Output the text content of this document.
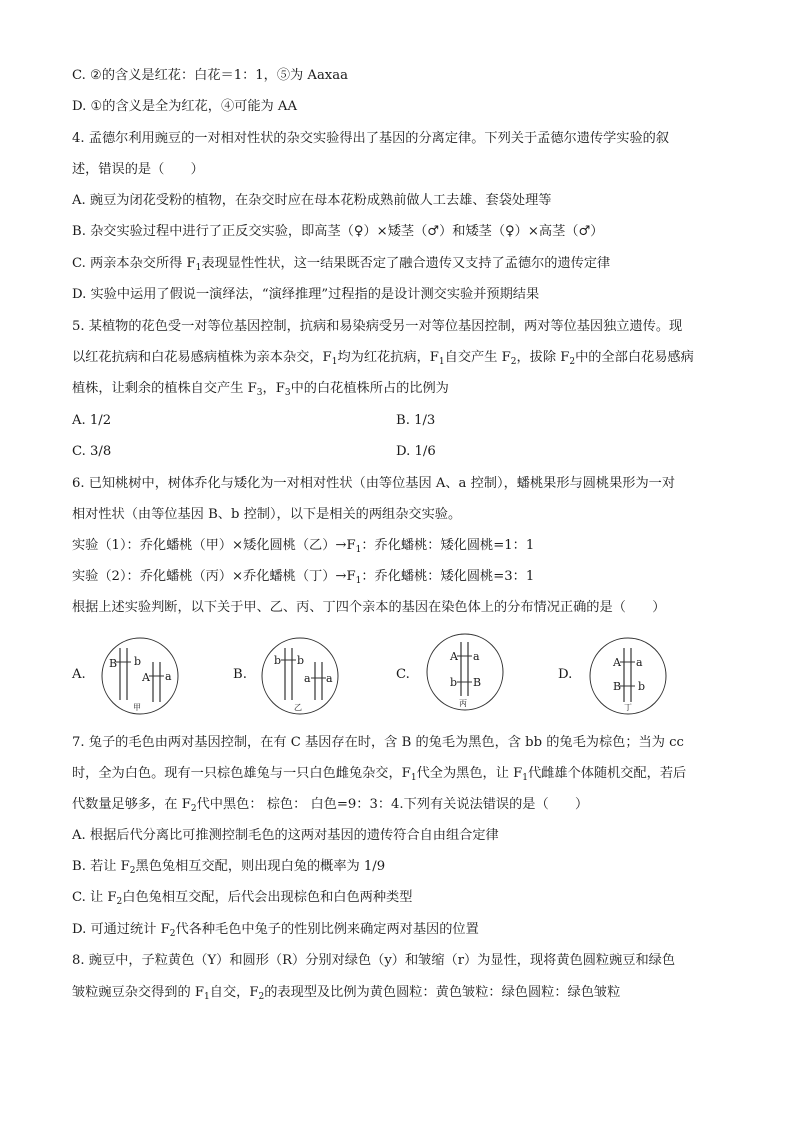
C. ②的含义是红花：白花＝1：1，⑤为 Aaxaa
D. ①的含义是全为红花，④可能为 AA
4. 孟德尔利用豌豆的一对相对性状的杂交实验得出了基因的分离定律。下列关于孟德尔遗传学实验的叙
述，错误的是（　　）
A. 豌豆为闭花受粉的植物，在杂交时应在母本花粉成熟前做人工去雄、套袋处理等
B. 杂交实验过程中进行了正反交实验，即高茎（♀）×矮茎（♂）和矮茎（♀）×高茎（♂）
C. 两亲本杂交所得 $F_1$表现显性性状，这一结果既否定了融合遗传又支持了孟德尔的遗传定律
D. 实验中运用了假说一演绎法，“演绎推理”过程指的是设计测交实验并预期结果
5. 某植物的花色受一对等位基因控制，抗病和易染病受另一对等位基因控制，两对等位基因独立遗传。现
以红花抗病和白花易感病植株为亲本杂交，$F_1$均为红花抗病，$F_1$自交产生 $F_2$，拔除 $F_2$中的全部白花易感病
植株，让剩余的植株自交产生 $F_3$，$F_3$中的白花植株所占的比例为
A. 1/2	B. 1/3
C. 3/8	D. 1/6
6. 已知桃树中，树体乔化与矮化为一对相对性状（由等位基因 A、a 控制），蟠桃果形与圆桃果形为一对
相对性状（由等位基因 B、b 控制），以下是相关的两组杂交实验。
实验（1）：乔化蟠桃（甲）×矮化圆桃（乙）$\to F_1$：乔化蟠桃：矮化圆桃=1：1
实验（2）：乔化蟠桃（丙）×乔化蟠桃（丁）$\to F_1$：乔化蟠桃：矮化圆桃=3：1
根据上述实验判断，以下关于甲、乙、丙、丁四个亲本的基因在染色体上的分布情况正确的是（　　）
A.	B.	C.	D.
B b
A a
甲
b b
a a
乙
A a
b B
丙
A a
B b
丁
7. 兔子的毛色由两对基因控制，在有 C 基因存在时，含 B 的兔毛为黑色，含 bb 的兔毛为棕色；当为 cc
时，全为白色。现有一只棕色雄兔与一只白色雌兔杂交，$F_1$代全为黑色，让 $F_1$代雌雄个体随机交配，若后
代数量足够多，在 $F_2$代中黑色： 棕色： 白色=9：3：4.下列有关说法错误的是（　　）
A. 根据后代分离比可推测控制毛色的这两对基因的遗传符合自由组合定律
B. 若让 $F_2$黑色兔相互交配，则出现白兔的概率为 1/9
C. 让 $F_2$白色兔相互交配，后代会出现棕色和白色两种类型
D. 可通过统计 $F_2$代各种毛色中兔子的性别比例来确定两对基因的位置
8. 豌豆中，子粒黄色（Y）和圆形（R）分别对绿色（y）和皱缩（r）为显性，现将黄色圆粒豌豆和绿色
皱粒豌豆杂交得到的 $F_1$自交，$F_2$的表现型及比例为黄色圆粒：黄色皱粒：绿色圆粒：绿色皱粒
